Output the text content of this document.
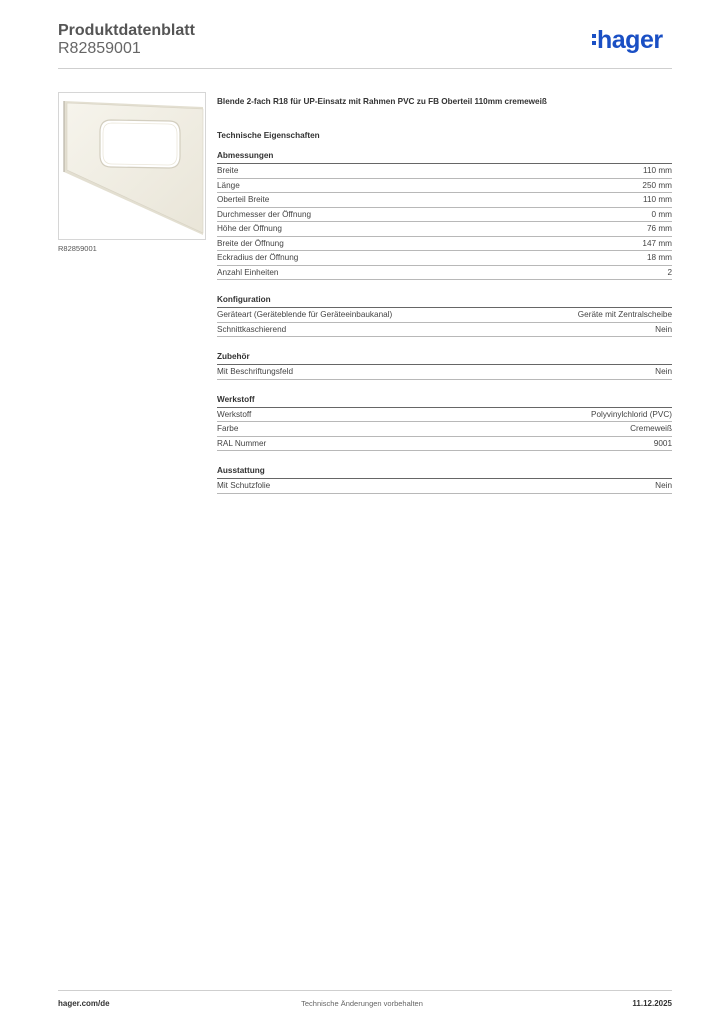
Produktdatenblatt
R82859001	hager
R82859001
Blende 2-fach R18 für UP-Einsatz mit Rahmen PVC zu FB Oberteil 110mm cremeweiß
Technische Eigenschaften
Abmessungen
Breite	110 mm
Länge	250 mm
Oberteil Breite	110 mm
Durchmesser der Öffnung	0 mm
Höhe der Öffnung	76 mm
Breite der Öffnung	147 mm
Eckradius der Öffnung	18 mm
Anzahl Einheiten	2
Konfiguration
Geräteart (Geräteblende für Geräteeinbaukanal)	Geräte mit Zentralscheibe
Schnittkaschierend	Nein
Zubehör
Mit Beschriftungsfeld	Nein
Werkstoff
Werkstoff	Polyvinylchlorid (PVC)
Farbe	Cremeweiß
RAL Nummer	9001
Ausstattung
Mit Schutzfolie	Nein
hager.com/de	Technische Änderungen vorbehalten	11.12.2025
